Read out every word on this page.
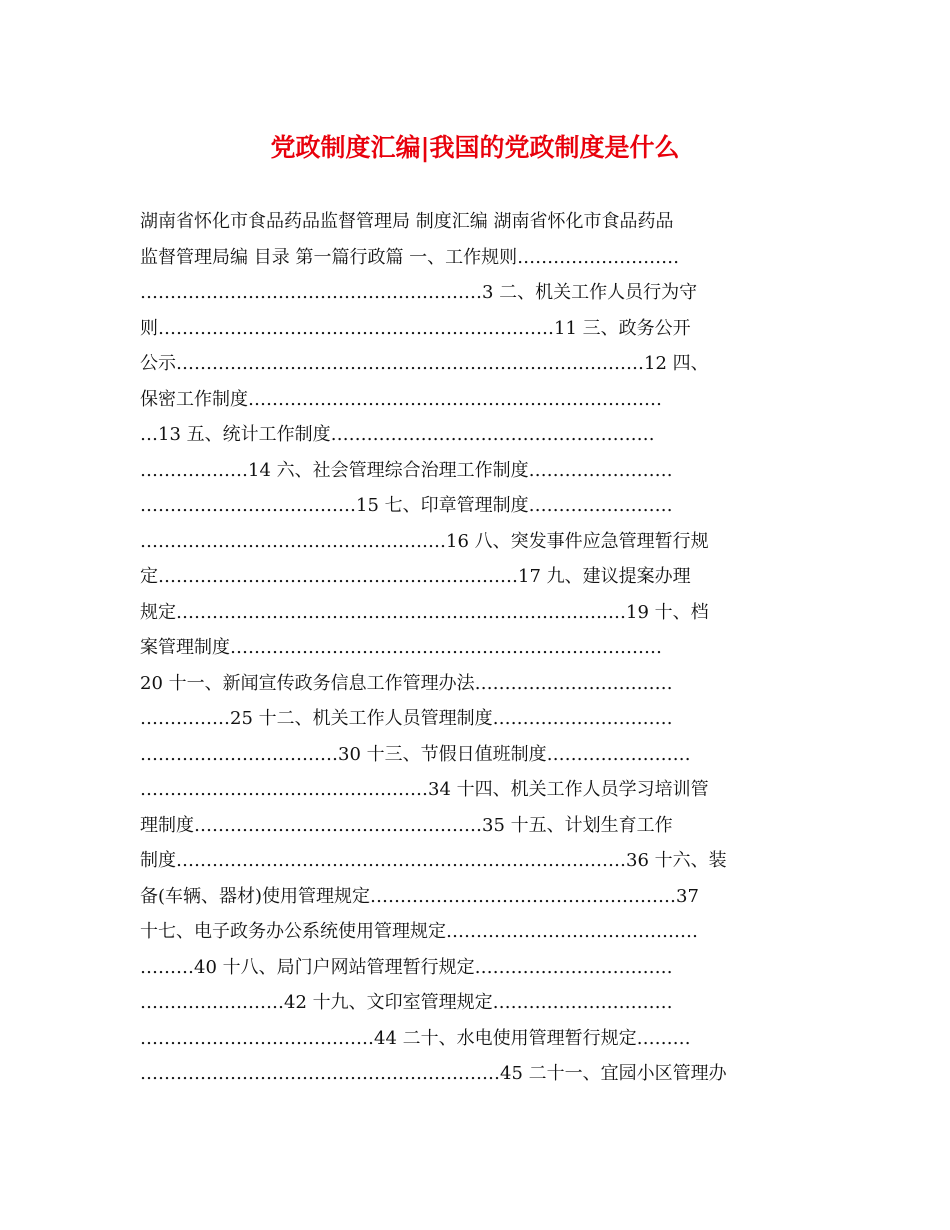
党政制度汇编|我国的党政制度是什么
湖南省怀化市食品药品监督管理局 制度汇编 湖南省怀化市食品药品
监督管理局编 目录 第一篇行政篇 一、工作规则………………………
…………………………………………………3 二、机关工作人员行为守
则…………………………………………………………11 三、政务公开
公示……………………………………………………………………12 四、
保密工作制度……………………………………………………………
…13 五、统计工作制度………………………………………………
………………14 六、社会管理综合治理工作制度……………………
………………………………15 七、印章管理制度……………………
……………………………………………16 八、突发事件应急管理暂行规
定……………………………………………………17 九、建议提案办理
规定…………………………………………………………………19 十、档
案管理制度………………………………………………………………
20 十一、新闻宣传政务信息工作管理办法……………………………
……………25 十二、机关工作人员管理制度…………………………
……………………………30 十三、节假日值班制度……………………
…………………………………………34 十四、机关工作人员学习培训管
理制度…………………………………………35 十五、计划生育工作
制度…………………………………………………………………36 十六、装
备(车辆、器材)使用管理规定……………………………………………37
十七、电子政务办公系统使用管理规定……………………………………
………40 十八、局门户网站管理暂行规定……………………………
……………………42 十九、文印室管理规定…………………………
…………………………………44 二十、水电使用管理暂行规定………
……………………………………………………45 二十一、宜园小区管理办
